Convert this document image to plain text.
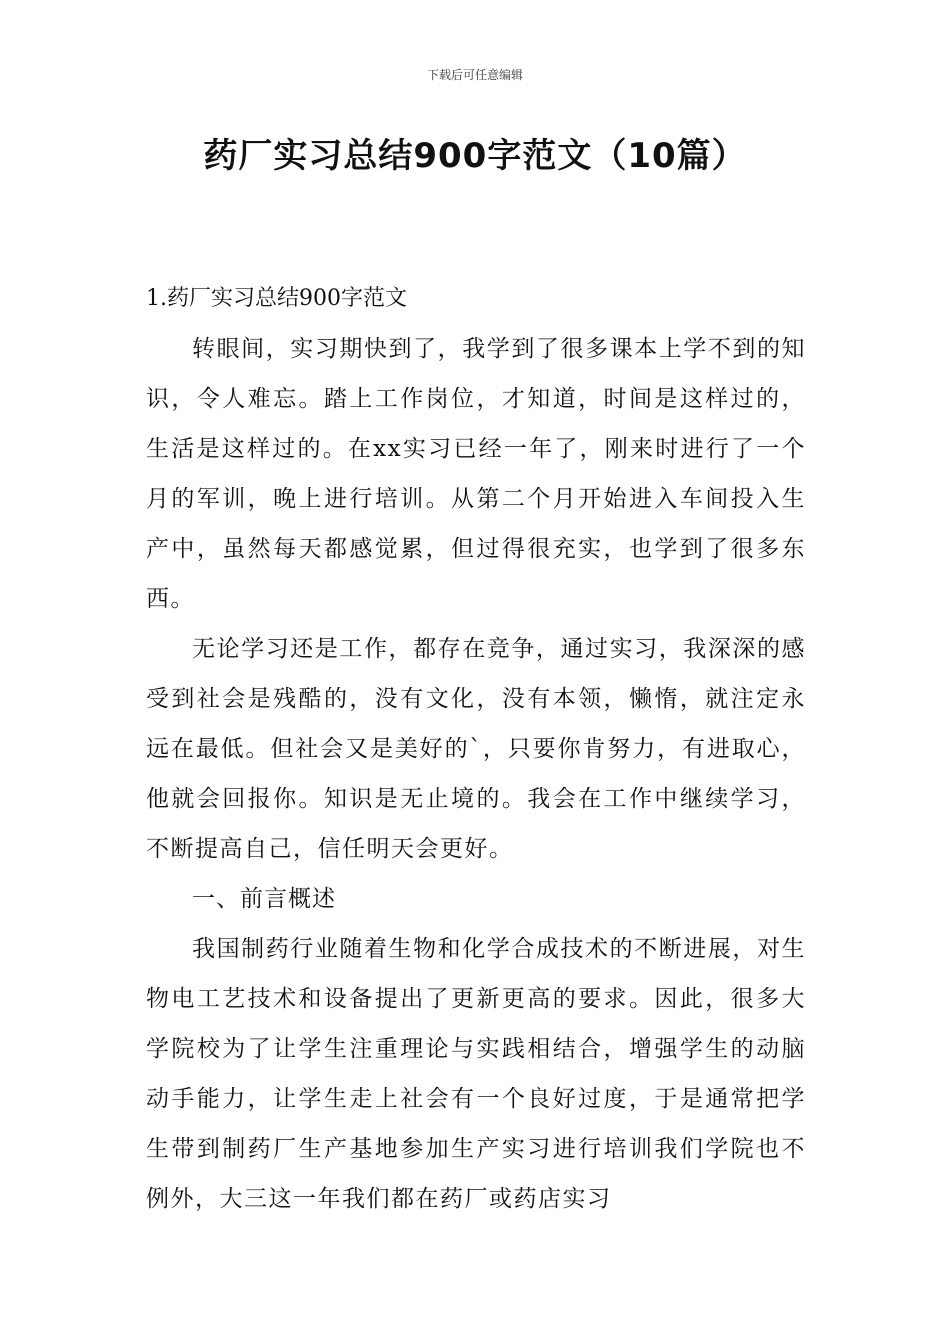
下载后可任意编辑
药厂实习总结900字范文（10篇）

1.药厂实习总结900字范文

转眼间，实习期快到了，我学到了很多课本上学不到的知识，令人难忘。踏上工作岗位，才知道，时间是这样过的，生活是这样过的。在xx实习已经一年了，刚来时进行了一个月的军训，晚上进行培训。从第二个月开始进入车间投入生产中，虽然每天都感觉累，但过得很充实，也学到了很多东西。

无论学习还是工作，都存在竞争，通过实习，我深深的感受到社会是残酷的，没有文化，没有本领，懒惰，就注定永远在最低。但社会又是美好的`，只要你肯努力，有进取心，他就会回报你。知识是无止境的。我会在工作中继续学习，不断提高自己，信任明天会更好。

一、前言概述

我国制药行业随着生物和化学合成技术的不断进展，对生物电工艺技术和设备提出了更新更高的要求。因此，很多大学院校为了让学生注重理论与实践相结合，增强学生的动脑动手能力，让学生走上社会有一个良好过度，于是通常把学生带到制药厂生产基地参加生产实习进行培训我们学院也不例外，大三这一年我们都在药厂或药店实习
